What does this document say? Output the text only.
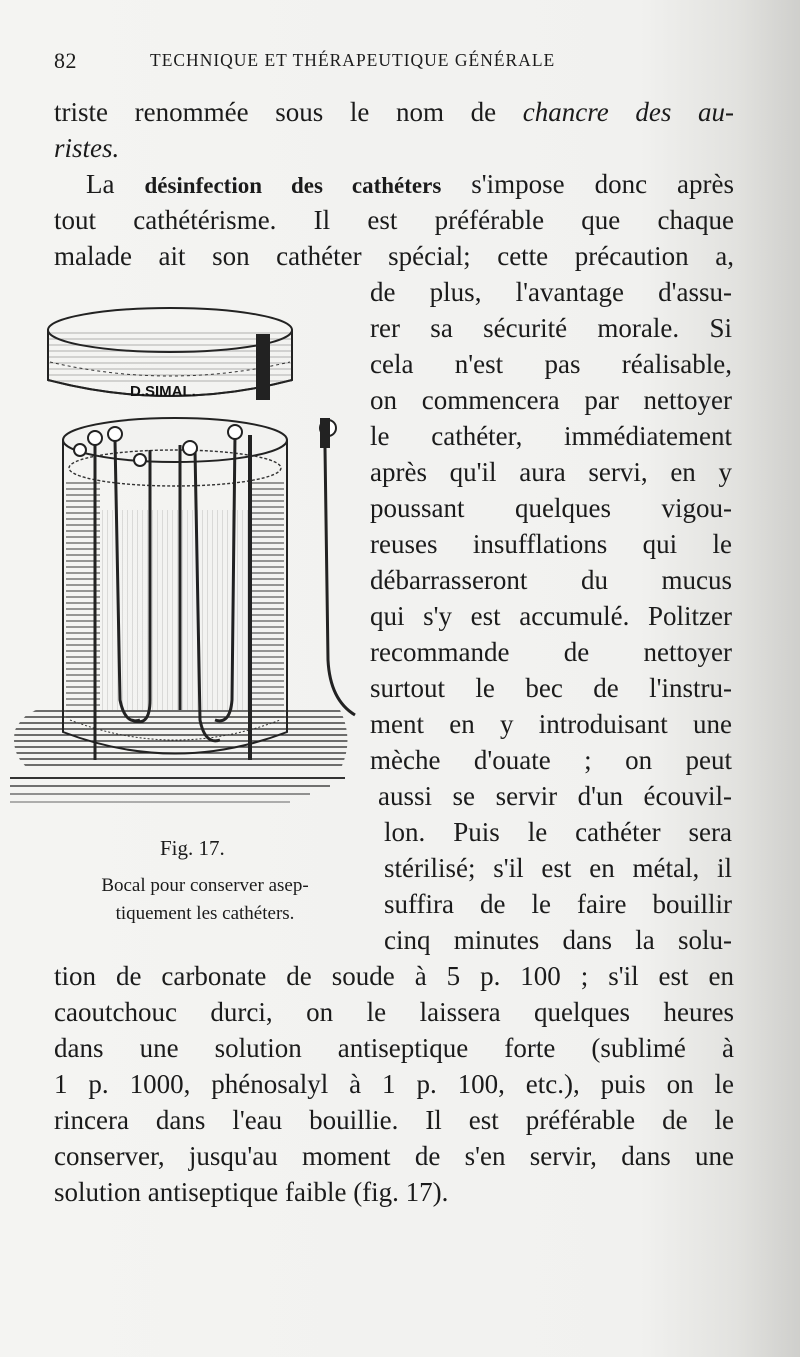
82	TECHNIQUE ET THÉRAPEUTIQUE GÉNÉRALE
triste renommée sous le nom de chancre des au-
ristes.
La désinfection des cathéters s'impose donc après
tout cathétérisme. Il est préférable que chaque
malade ait son cathéter spécial; cette précaution a,
de plus, l'avantage d'assu-
rer sa sécurité morale. Si
cela n'est pas réalisable,
on commencera par nettoyer
le cathéter, immédiatement
après qu'il aura servi, en y
poussant quelques vigou-
reuses insufflations qui le
débarrasseront du mucus
qui s'y est accumulé. Politzer
recommande de nettoyer
surtout le bec de l'instru-
ment en y introduisant une
mèche d'ouate ; on peut
aussi se servir d'un écouvil-
lon. Puis le cathéter sera
stérilisé; s'il est en métal, il
suffira de le faire bouillir
cinq minutes dans la solu-
tion de carbonate de soude à 5 p. 100 ; s'il est en
caoutchouc durci, on le laissera quelques heures
dans une solution antiseptique forte (sublimé à
1 p. 1000, phénosalyl à 1 p. 100, etc.), puis on le
rincera dans l'eau bouillie. Il est préférable de le
conserver, jusqu'au moment de s'en servir, dans une
solution antiseptique faible (fig. 17).
D.SIMAL.
Fig. 17.
Bocal pour conserver asep-
tiquement les cathéters.
